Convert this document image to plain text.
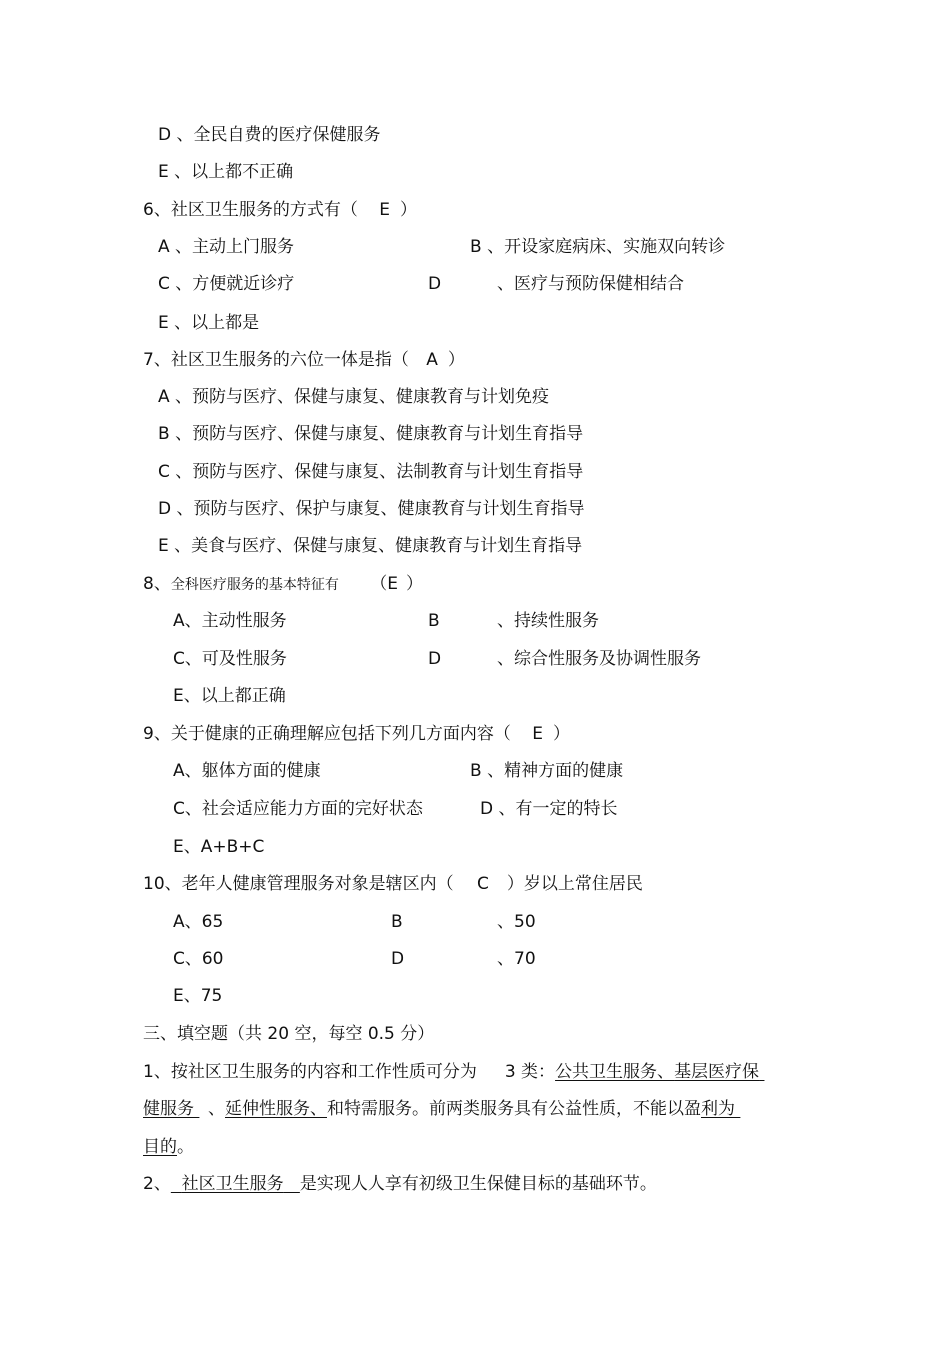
D 、全民自费的医疗保健服务
E 、以上都不正确
6、社区卫生服务的方式有（ E ）
A 、主动上门服务	B 、开设家庭病床、实施双向转诊
C 、方便就近诊疗	D	、医疗与预防保健相结合
E 、以上都是
7、社区卫生服务的六位一体是指（ A ）
A 、预防与医疗、保健与康复、健康教育与计划免疫
B 、预防与医疗、保健与康复、健康教育与计划生育指导
C 、预防与医疗、保健与康复、法制教育与计划生育指导
D 、预防与医疗、保护与康复、健康教育与计划生育指导
E 、美食与医疗、保健与康复、健康教育与计划生育指导
8、全科医疗服务的基本特征有 （E ）
A、主动性服务	B	、持续性服务
C、可及性服务	D	、综合性服务及协调性服务
E、以上都正确
9、关于健康的正确理解应包括下列几方面内容（ E ）
A、躯体方面的健康	B 、精神方面的健康
C、社会适应能力方面的完好状态	D 、有一定的特长
E、A+B+C
10、老年人健康管理服务对象是辖区内（ C ）岁以上常住居民
A、65	B	、50
C、60	D	、70
E、75
三、填空题（共 20 空，每空 0.5 分）
1、按社区卫生服务的内容和工作性质可分为 3 类：公共卫生服务、基层医疗保
健服务 、延伸性服务、和特需服务。前两类服务具有公益性质，不能以盈利为
目的。
2、 社区卫生服务 是实现人人享有初级卫生保健目标的基础环节。
